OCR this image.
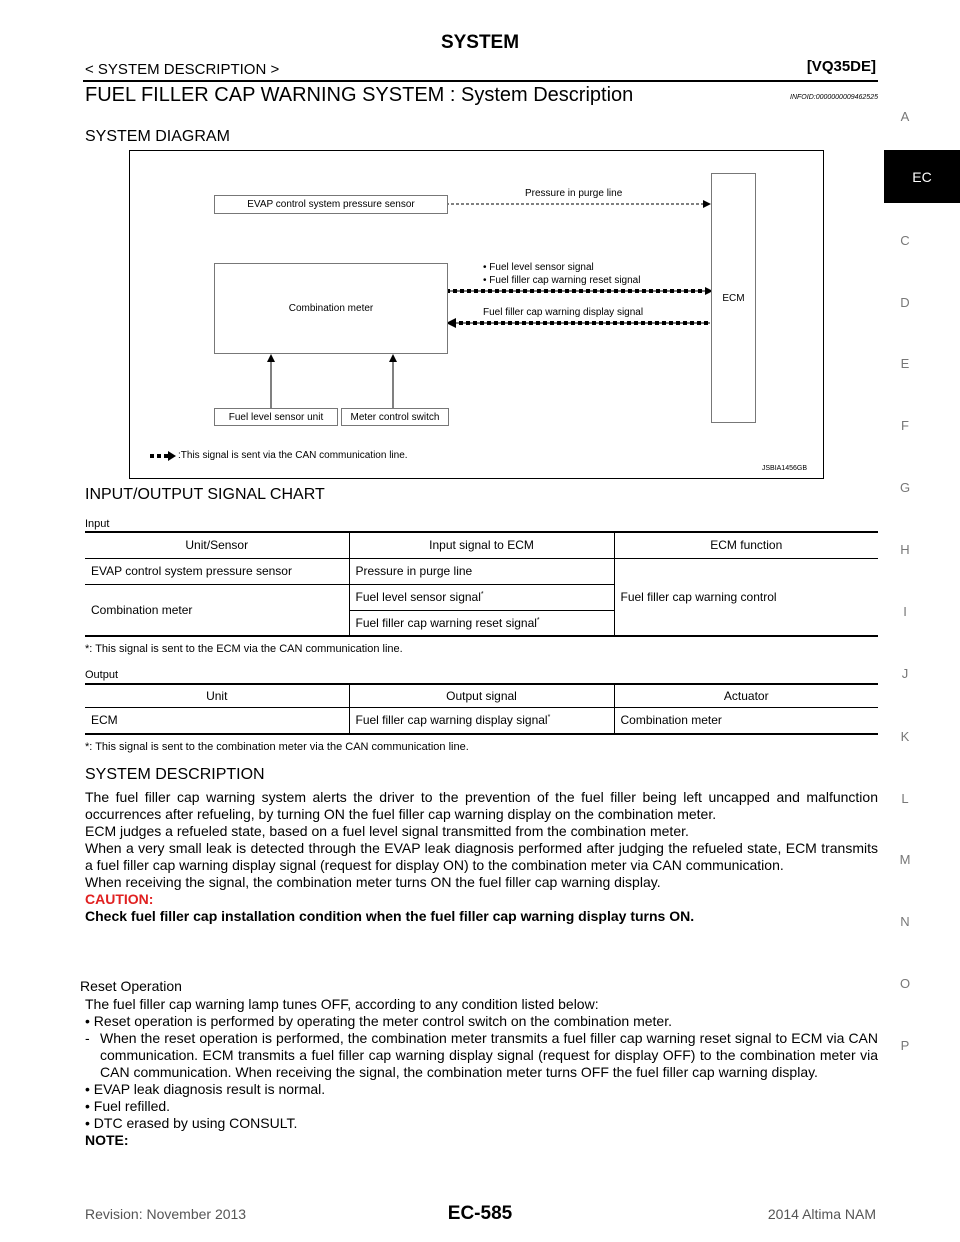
SYSTEM
< SYSTEM DESCRIPTION >	[VQ35DE]
FUEL FILLER CAP WARNING SYSTEM : System Description	INFOID:0000000009462525
A
EC
C
D
E
F
G
H
I
J
K
L
M
N
O
P
SYSTEM DIAGRAM
EVAP control system pressure sensor
Combination meter
Fuel level sensor unit	Meter control switch
ECM
Pressure in purge line
• Fuel level sensor signal
• Fuel filler cap warning reset signal
Fuel filler cap warning display signal
:This signal is sent via the CAN communication line.
JSBIA1456GB
INPUT/OUTPUT SIGNAL CHART
Input
Unit/Sensor	Input signal to ECM	ECM function
EVAP control system pressure sensor	Pressure in purge line	Fuel filler cap warning control
Combination meter	Fuel level sensor signal*
	Fuel filler cap warning reset signal*
*: This signal is sent to the ECM via the CAN communication line.
Output
Unit	Output signal	Actuator
ECM	Fuel filler cap warning display signal*	Combination meter
*: This signal is sent to the combination meter via the CAN communication line.
SYSTEM DESCRIPTION
The fuel filler cap warning system alerts the driver to the prevention of the fuel filler being left uncapped and malfunction occurrences after refueling, by turning ON the fuel filler cap warning display on the combination meter.
ECM judges a refueled state, based on a fuel level signal transmitted from the combination meter.
When a very small leak is detected through the EVAP leak diagnosis performed after judging the refueled state, ECM transmits a fuel filler cap warning display signal (request for display ON) to the combination meter via CAN communication.
When receiving the signal, the combination meter turns ON the fuel filler cap warning display.
CAUTION:
Check fuel filler cap installation condition when the fuel filler cap warning display turns ON.
Reset Operation
The fuel filler cap warning lamp tunes OFF, according to any condition listed below:
• Reset operation is performed by operating the meter control switch on the combination meter.
- When the reset operation is performed, the combination meter transmits a fuel filler cap warning reset signal to ECM via CAN communication. ECM transmits a fuel filler cap warning display signal (request for display OFF) to the combination meter via CAN communication. When receiving the signal, the combination meter turns OFF the fuel filler cap warning display.
• EVAP leak diagnosis result is normal.
• Fuel refilled.
• DTC erased by using CONSULT.
NOTE:
Revision: November 2013	EC-585	2014 Altima NAM
